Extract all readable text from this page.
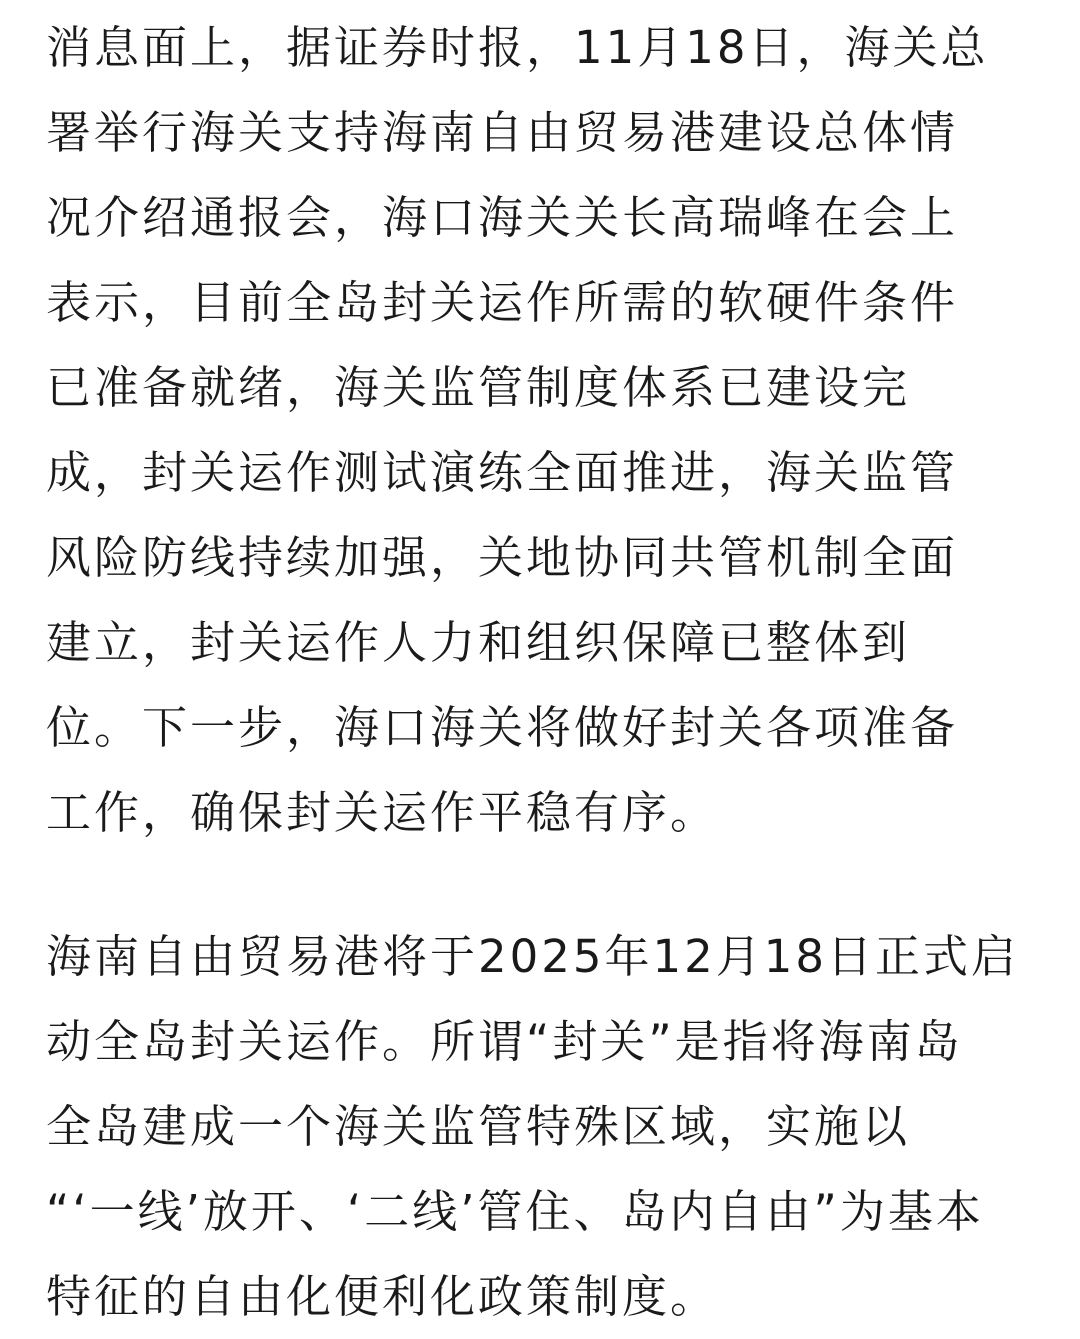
消息面上，据证券时报，11月18日，海关总
署举行海关支持海南自由贸易港建设总体情
况介绍通报会，海口海关关长高瑞峰在会上
表示，目前全岛封关运作所需的软硬件条件
已准备就绪，海关监管制度体系已建设完
成，封关运作测试演练全面推进，海关监管
风险防线持续加强，关地协同共管机制全面
建立，封关运作人力和组织保障已整体到
位。下一步，海口海关将做好封关各项准备
工作，确保封关运作平稳有序。
海南自由贸易港将于2025年12月18日正式启
动全岛封关运作。所谓“封关”是指将海南岛
全岛建成一个海关监管特殊区域，实施以
“‘一线’放开、‘二线’管住、岛内自由”为基本
特征的自由化便利化政策制度。
